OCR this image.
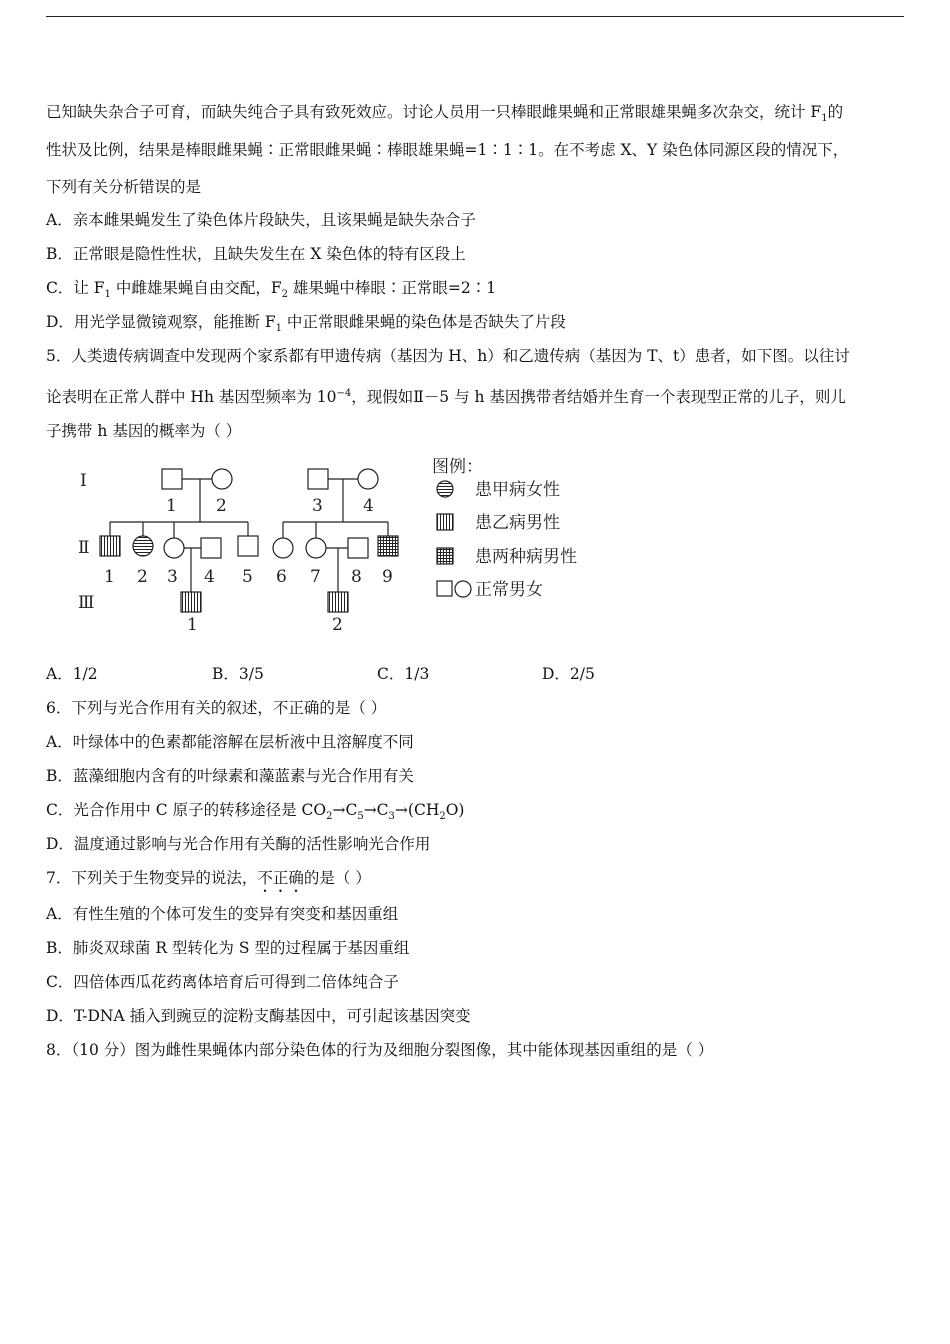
已知缺失杂合子可育，而缺失纯合子具有致死效应。讨论人员用一只棒眼雌果蝇和正常眼雄果蝇多次杂交，统计 $F_1$的
性状及比例，结果是棒眼雌果蝇∶正常眼雌果蝇∶棒眼雄果蝇=1∶1∶1。在不考虑 X、Y 染色体同源区段的情况下，
下列有关分析错误的是
A．亲本雌果蝇发生了染色体片段缺失，且该果蝇是缺失杂合子
B．正常眼是隐性性状，且缺失发生在 X 染色体的特有区段上
C．让 $F_1$ 中雌雄果蝇自由交配，$F_2$ 雄果蝇中棒眼∶正常眼=2∶1
D．用光学显微镜观察，能推断 $F_1$ 中正常眼雌果蝇的染色体是否缺失了片段
5．人类遗传病调查中发现两个家系都有甲遗传病（基因为 H、h）和乙遗传病（基因为 T、t）患者，如下图。以往讨
论表明在正常人群中 Hh 基因型频率为 $10^{-4}$，现假如Ⅱ－5 与 h 基因携带者结婚并生育一个表现型正常的儿子，则儿
子携带 h 基因的概率为（ ）
Ⅰ
Ⅱ
Ⅲ
1 2	3 4
1 2 3 4 5 6 7 8 9
1	2
图例：
患甲病女性
患乙病男性
患两种病男性
正常男女
A．1/2	B．3/5	C．1/3	D．2/5
6．下列与光合作用有关的叙述，不正确的是（ ）
A．叶绿体中的色素都能溶解在层析液中且溶解度不同
B．蓝藻细胞内含有的叶绿素和藻蓝素与光合作用有关
C．光合作用中 C 原子的转移途径是 $CO_2\to C_5\to C_3\to(CH_2O)$
D．温度通过影响与光合作用有关酶的活性影响光合作用
7．下列关于生物变异的说法，不正确的是（ ）
A．有性生殖的个体可发生的变异有突变和基因重组
B．肺炎双球菌 R 型转化为 S 型的过程属于基因重组
C．四倍体西瓜花药离体培育后可得到二倍体纯合子
D．T-DNA 插入到豌豆的淀粉支酶基因中，可引起该基因突变
8．（10 分）图为雌性果蝇体内部分染色体的行为及细胞分裂图像，其中能体现基因重组的是（ ）
